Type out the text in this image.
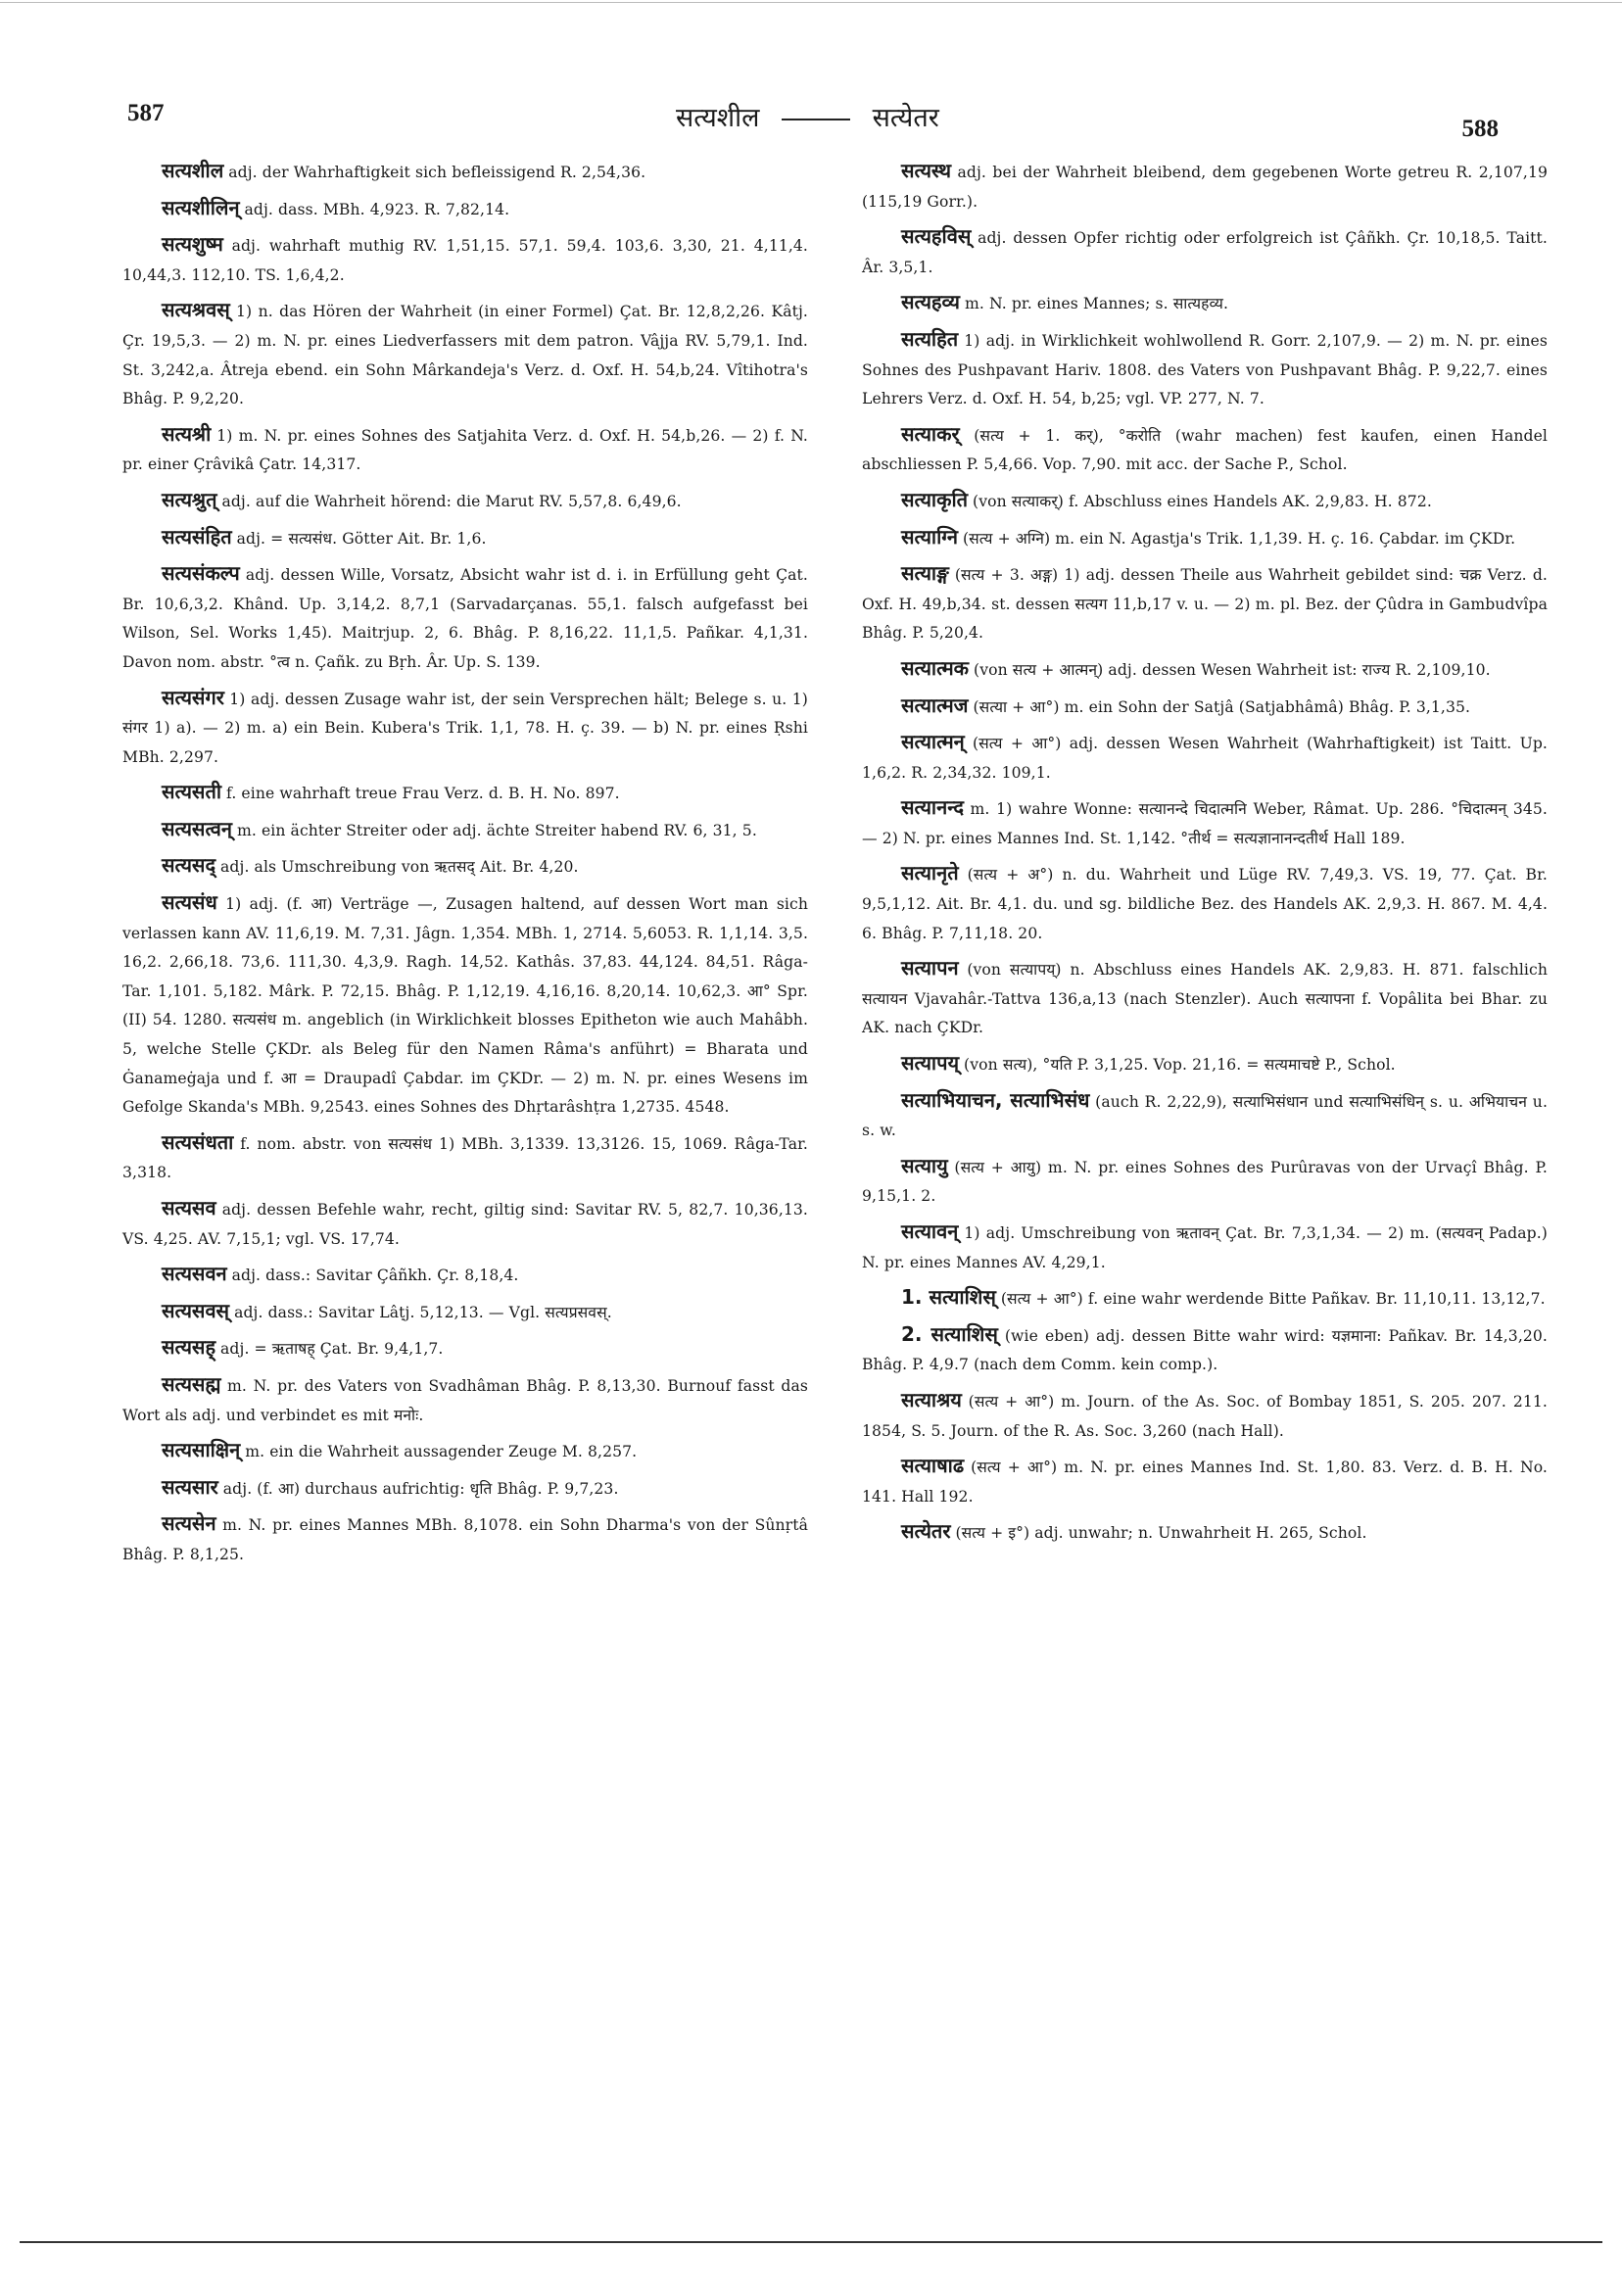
587	सत्यशील	सत्येतर	588

सत्यशील adj. der Wahrhaftigkeit sich befleissigend R. 2,54,36.

सत्यशीलिन् adj. dass. MBh. 4,923. R. 7,82,14.

सत्यशुष्म adj. wahrhaft muthig RV. 1,51,15. 57,1. 59,4. 103,6. 3,30, 21. 4,11,4. 10,44,3. 112,10. TS. 1,6,4,2.

सत्यश्रवस् 1) n. das Hören der Wahrheit (in einer Formel) Çat. Br. 12,8,2,26. Kâtj. Çr. 19,5,3. — 2) m. N. pr. eines Liedverfassers mit dem patron. Vâjja RV. 5,79,1. Ind. St. 3,242,a. Âtreja ebend. ein Sohn Mârkandeja's Verz. d. Oxf. H. 54,b,24. Vîtihotra's Bhâg. P. 9,2,20.

सत्यश्री 1) m. N. pr. eines Sohnes des Satjahita Verz. d. Oxf. H. 54,b,26. — 2) f. N. pr. einer Çrâvikâ Çatr. 14,317.

सत्यश्रुत् adj. auf die Wahrheit hörend: die Marut RV. 5,57,8. 6,49,6.

सत्यसंहित adj. = सत्यसंध. Götter Ait. Br. 1,6.

सत्यसंकल्प adj. dessen Wille, Vorsatz, Absicht wahr ist d. i. in Erfüllung geht Çat. Br. 10,6,3,2. Khând. Up. 3,14,2. 8,7,1 (Sarvadarçanas. 55,1. falsch aufgefasst bei Wilson, Sel. Works 1,45). Maitrjup. 2, 6. Bhâg. P. 8,16,22. 11,1,5. Pañkar. 4,1,31. Davon nom. abstr. °त्व n. Çañk. zu Bṛh. Âr. Up. S. 139.

सत्यसंगर 1) adj. dessen Zusage wahr ist, der sein Versprechen hält; Belege s. u. 1) संगर 1) a). — 2) m. a) ein Bein. Kubera's Trik. 1,1, 78. H. ç. 39. — b) N. pr. eines Ṛshi MBh. 2,297.

सत्यसती f. eine wahrhaft treue Frau Verz. d. B. H. No. 897.

सत्यसत्वन् m. ein ächter Streiter oder adj. ächte Streiter habend RV. 6, 31, 5.

सत्यसद् adj. als Umschreibung von ऋतसद् Ait. Br. 4,20.

सत्यसंध 1) adj. (f. आ) Verträge —, Zusagen haltend, auf dessen Wort man sich verlassen kann AV. 11,6,19. M. 7,31. Jâgn. 1,354. MBh. 1, 2714. 5,6053. R. 1,1,14. 3,5. 16,2. 2,66,18. 73,6. 111,30. 4,3,9. Ragh. 14,52. Kathâs. 37,83. 44,124. 84,51. Râga-Tar. 1,101. 5,182. Mârk. P. 72,15. Bhâg. P. 1,12,19. 4,16,16. 8,20,14. 10,62,3. आ° Spr. (II) 54. 1280. सत्यसंध m. angeblich (in Wirklichkeit blosses Epitheton wie auch Mahâbh. 5, welche Stelle ÇKDr. als Beleg für den Namen Râma's anführt) = Bharata und Ġanameġaja und f. आ = Draupadî Çabdar. im ÇKDr. — 2) m. N. pr. eines Wesens im Gefolge Skanda's MBh. 9,2543. eines Sohnes des Dhṛtarâshṭra 1,2735. 4548.

सत्यसंधता f. nom. abstr. von सत्यसंध 1) MBh. 3,1339. 13,3126. 15, 1069. Râga-Tar. 3,318.

सत्यसव adj. dessen Befehle wahr, recht, giltig sind: Savitar RV. 5, 82,7. 10,36,13. VS. 4,25. AV. 7,15,1; vgl. VS. 17,74.

सत्यसवन adj. dass.: Savitar Çâñkh. Çr. 8,18,4.

सत्यसवस् adj. dass.: Savitar Lâṭj. 5,12,13. — Vgl. सत्यप्रसवस्.

सत्यसह् adj. = ऋताषह् Çat. Br. 9,4,1,7.

सत्यसह्म m. N. pr. des Vaters von Svadhâman Bhâg. P. 8,13,30. Burnouf fasst das Wort als adj. und verbindet es mit मनोः.

सत्यसाक्षिन् m. ein die Wahrheit aussagender Zeuge M. 8,257.

सत्यसार adj. (f. आ) durchaus aufrichtig: धृति Bhâg. P. 9,7,23.

सत्यसेन m. N. pr. eines Mannes MBh. 8,1078. ein Sohn Dharma's von der Sûnṛtâ Bhâg. P. 8,1,25.

सत्यस्थ adj. bei der Wahrheit bleibend, dem gegebenen Worte getreu R. 2,107,19 (115,19 Gorr.).

सत्यहविस् adj. dessen Opfer richtig oder erfolgreich ist Çâñkh. Çr. 10,18,5. Taitt. Âr. 3,5,1.

सत्यहव्य m. N. pr. eines Mannes; s. सात्यहव्य.

सत्यहित 1) adj. in Wirklichkeit wohlwollend R. Gorr. 2,107,9. — 2) m. N. pr. eines Sohnes des Pushpavant Hariv. 1808. des Vaters von Pushpavant Bhâg. P. 9,22,7. eines Lehrers Verz. d. Oxf. H. 54, b,25; vgl. VP. 277, N. 7.

सत्याकर् (सत्य + 1. कर्), °करोति (wahr machen) fest kaufen, einen Handel abschliessen P. 5,4,66. Vop. 7,90. mit acc. der Sache P., Schol.

सत्याकृति (von सत्याकर्) f. Abschluss eines Handels AK. 2,9,83. H. 872.

सत्याग्नि (सत्य + अग्नि) m. ein N. Agastja's Trik. 1,1,39. H. ç. 16. Çabdar. im ÇKDr.

सत्याङ्ग (सत्य + 3. अङ्ग) 1) adj. dessen Theile aus Wahrheit gebildet sind: चक्र Verz. d. Oxf. H. 49,b,34. st. dessen सत्यग 11,b,17 v. u. — 2) m. pl. Bez. der Çûdra in Gambudvîpa Bhâg. P. 5,20,4.

सत्यात्मक (von सत्य + आत्मन्) adj. dessen Wesen Wahrheit ist: राज्य R. 2,109,10.

सत्यात्मज (सत्या + आ°) m. ein Sohn der Satjâ (Satjabhâmâ) Bhâg. P. 3,1,35.

सत्यात्मन् (सत्य + आ°) adj. dessen Wesen Wahrheit (Wahrhaftigkeit) ist Taitt. Up. 1,6,2. R. 2,34,32. 109,1.

सत्यानन्द m. 1) wahre Wonne: सत्यानन्दे चिदात्मनि Weber, Râmat. Up. 286. °चिदात्मन् 345. — 2) N. pr. eines Mannes Ind. St. 1,142. °तीर्थ = सत्यज्ञानानन्दतीर्थ Hall 189.

सत्यानृते (सत्य + अ°) n. du. Wahrheit und Lüge RV. 7,49,3. VS. 19, 77. Çat. Br. 9,5,1,12. Ait. Br. 4,1. du. und sg. bildliche Bez. des Handels AK. 2,9,3. H. 867. M. 4,4. 6. Bhâg. P. 7,11,18. 20.

सत्यापन (von सत्यापय्) n. Abschluss eines Handels AK. 2,9,83. H. 871. falschlich सत्यायन Vjavahâr.-Tattva 136,a,13 (nach Stenzler). Auch सत्यापना f. Vopâlita bei Bhar. zu AK. nach ÇKDr.

सत्यापय् (von सत्य), °यति P. 3,1,25. Vop. 21,16. = सत्यमाचष्टे P., Schol.

सत्याभियाचन, सत्याभिसंध (auch R. 2,22,9), सत्याभिसंधान und सत्याभिसंधिन् s. u. अभियाचन u. s. w.

सत्यायु (सत्य + आयु) m. N. pr. eines Sohnes des Purûravas von der Urvaçî Bhâg. P. 9,15,1. 2.

सत्यावन् 1) adj. Umschreibung von ऋतावन् Çat. Br. 7,3,1,34. — 2) m. (सत्यवन् Padap.) N. pr. eines Mannes AV. 4,29,1.

1. सत्याशिस् (सत्य + आ°) f. eine wahr werdende Bitte Pañkav. Br. 11,10,11. 13,12,7.

2. सत्याशिस् (wie eben) adj. dessen Bitte wahr wird: यज्ञमाना: Pañkav. Br. 14,3,20. Bhâg. P. 4,9.7 (nach dem Comm. kein comp.).

सत्याश्रय (सत्य + आ°) m. Journ. of the As. Soc. of Bombay 1851, S. 205. 207. 211. 1854, S. 5. Journ. of the R. As. Soc. 3,260 (nach Hall).

सत्याषाढ (सत्य + आ°) m. N. pr. eines Mannes Ind. St. 1,80. 83. Verz. d. B. H. No. 141. Hall 192.

सत्येतर (सत्य + इ°) adj. unwahr; n. Unwahrheit H. 265, Schol.
